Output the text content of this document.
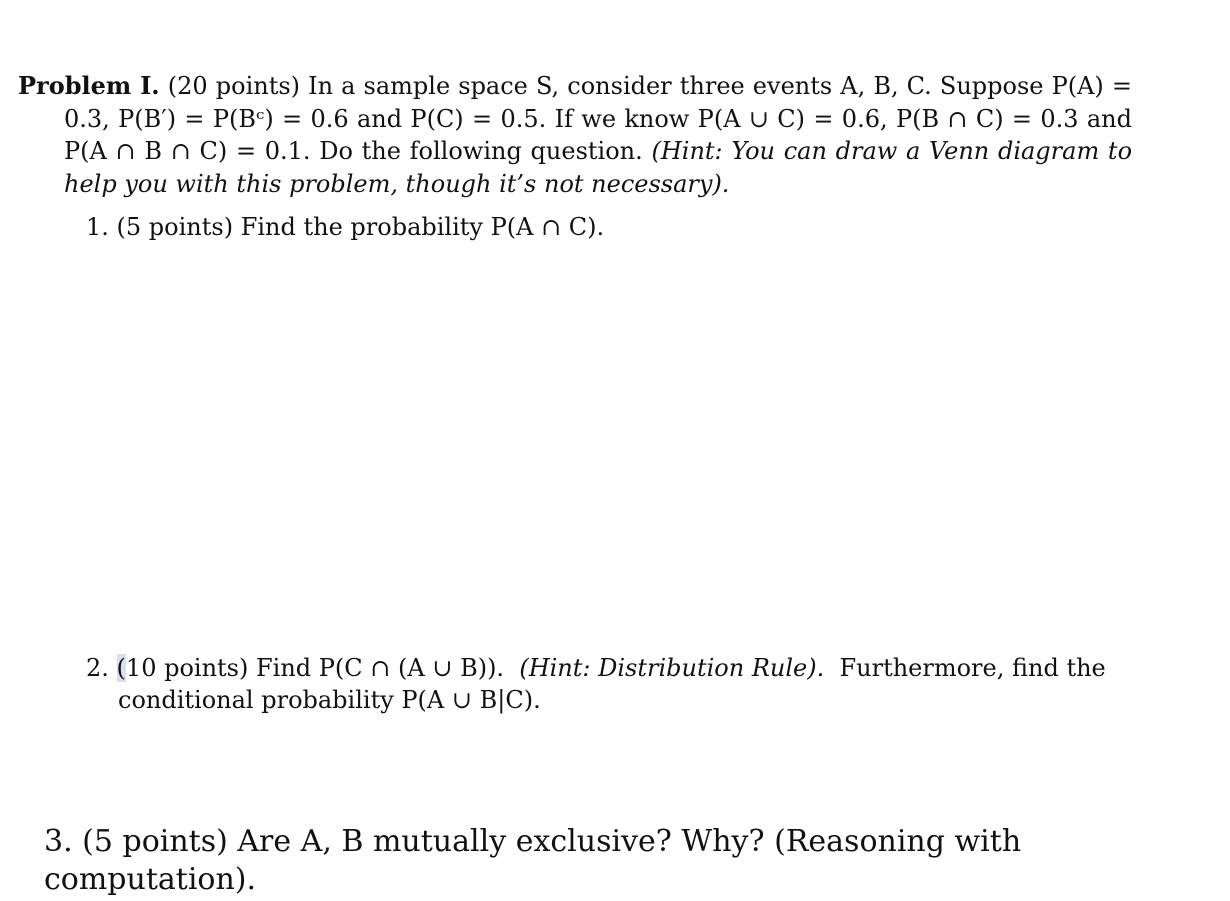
Problem I. (20 points) In a sample space S, consider three events A, B, C. Suppose P(A) = 0.3, P(B′) = P(Bᶜ) = 0.6 and P(C) = 0.5. If we know P(A ∪ C) = 0.6, P(B ∩ C) = 0.3 and P(A ∩ B ∩ C) = 0.1. Do the following question. (Hint: You can draw a Venn diagram to help you with this problem, though it’s not necessary).
1. (5 points) Find the probability P(A ∩ C).
2. (10 points) Find P(C ∩ (A ∪ B)). (Hint: Distribution Rule). Furthermore, find the
conditional probability P(A ∪ B|C).
3. (5 points) Are A, B mutually exclusive? Why? (Reasoning with computation).
